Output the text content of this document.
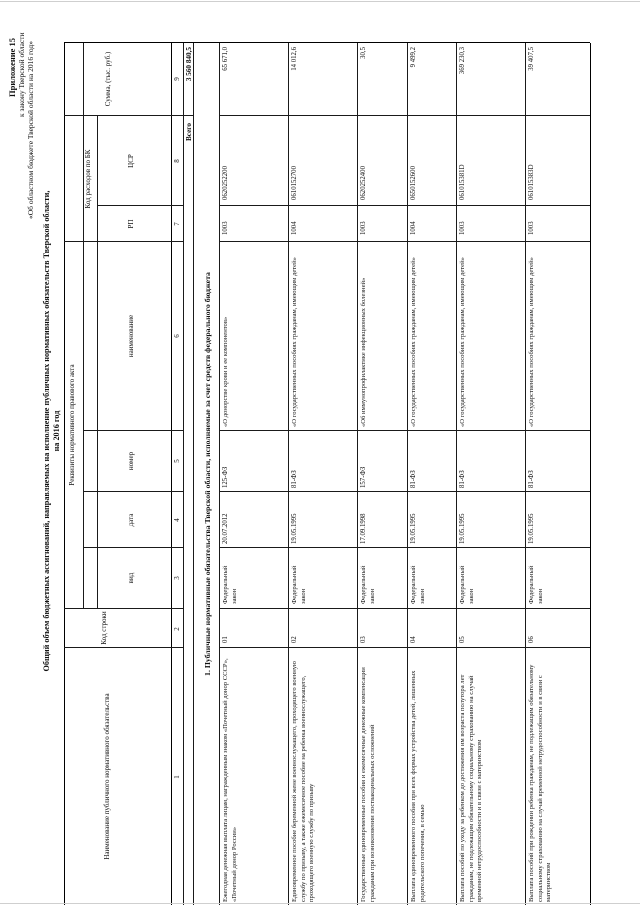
Приложение 15 к закону Тверской области «Об областном бюджете Тверской области на 2016 год»
Общий объем бюджетных ассигнований, направляемых на исполнение публичных нормативных обязательств Тверской области, на 2016 год
Наименование публичного нормативного обязательства
Код строки
Реквизиты нормативного правового акта
вид
дата
номер
наименование
Код расходов по БК
РП
ЦСР
Сумма, (тыс. руб.)
1
2
3
4
5
6
7
8
9
Всего
3 560 840,5
1. Публичные нормативные обязательства Тверской области, исполняемые за счет средств федерального бюджета
Ежегодная денежная выплата лицам, награжденным знаком «Почетный донор СССР», «Почетный донор России»
01
Федеральный закон
20.07.2012
125-ФЗ
«О донорстве крови и ее компонентов»
1003
0620252200
65 671,0
Единовременное пособие беременной жене военнослужащего, проходящего военную службу по призыву, а также ежемесячное пособие на ребенка военнослужащего, проходящего военную службу по призыву
02
Федеральный закон
19.05.1995
81-ФЗ
«О государственных пособиях гражданам, имеющим детей»
1004
0610152700
14 012,6
Государственные единовременные пособия и ежемесячные денежные компенсации гражданам при возникновении поствакцинальных осложнений
03
Федеральный закон
17.09.1998
157-ФЗ
«Об иммунопрофилактике инфекционных болезней»
1003
0620252400
30,5
Выплата единовременного пособия при всех формах устройства детей, лишенных родительского попечения, в семью
04
Федеральный закон
19.05.1995
81-ФЗ
«О государственных пособиях гражданам, имеющим детей»
1004
0650152600
9 499,2
Выплата пособий по уходу за ребенком до достижения им возраста полутора лет гражданам, не подлежащим обязательному социальному страхованию на случай временной нетрудоспособности и в связи с материнством
05
Федеральный закон
19.05.1995
81-ФЗ
«О государственных пособиях гражданам, имеющим детей»
1003
061015381D
369 230,3
Выплата пособий при рождении ребенка гражданам, не подлежащим обязательному социальному страхованию на случай временной нетрудоспособности и в связи с материнством
06
Федеральный закон
19.05.1995
81-ФЗ
«О государственных пособиях гражданам, имеющим детей»
1003
061015383D
39 407,5
